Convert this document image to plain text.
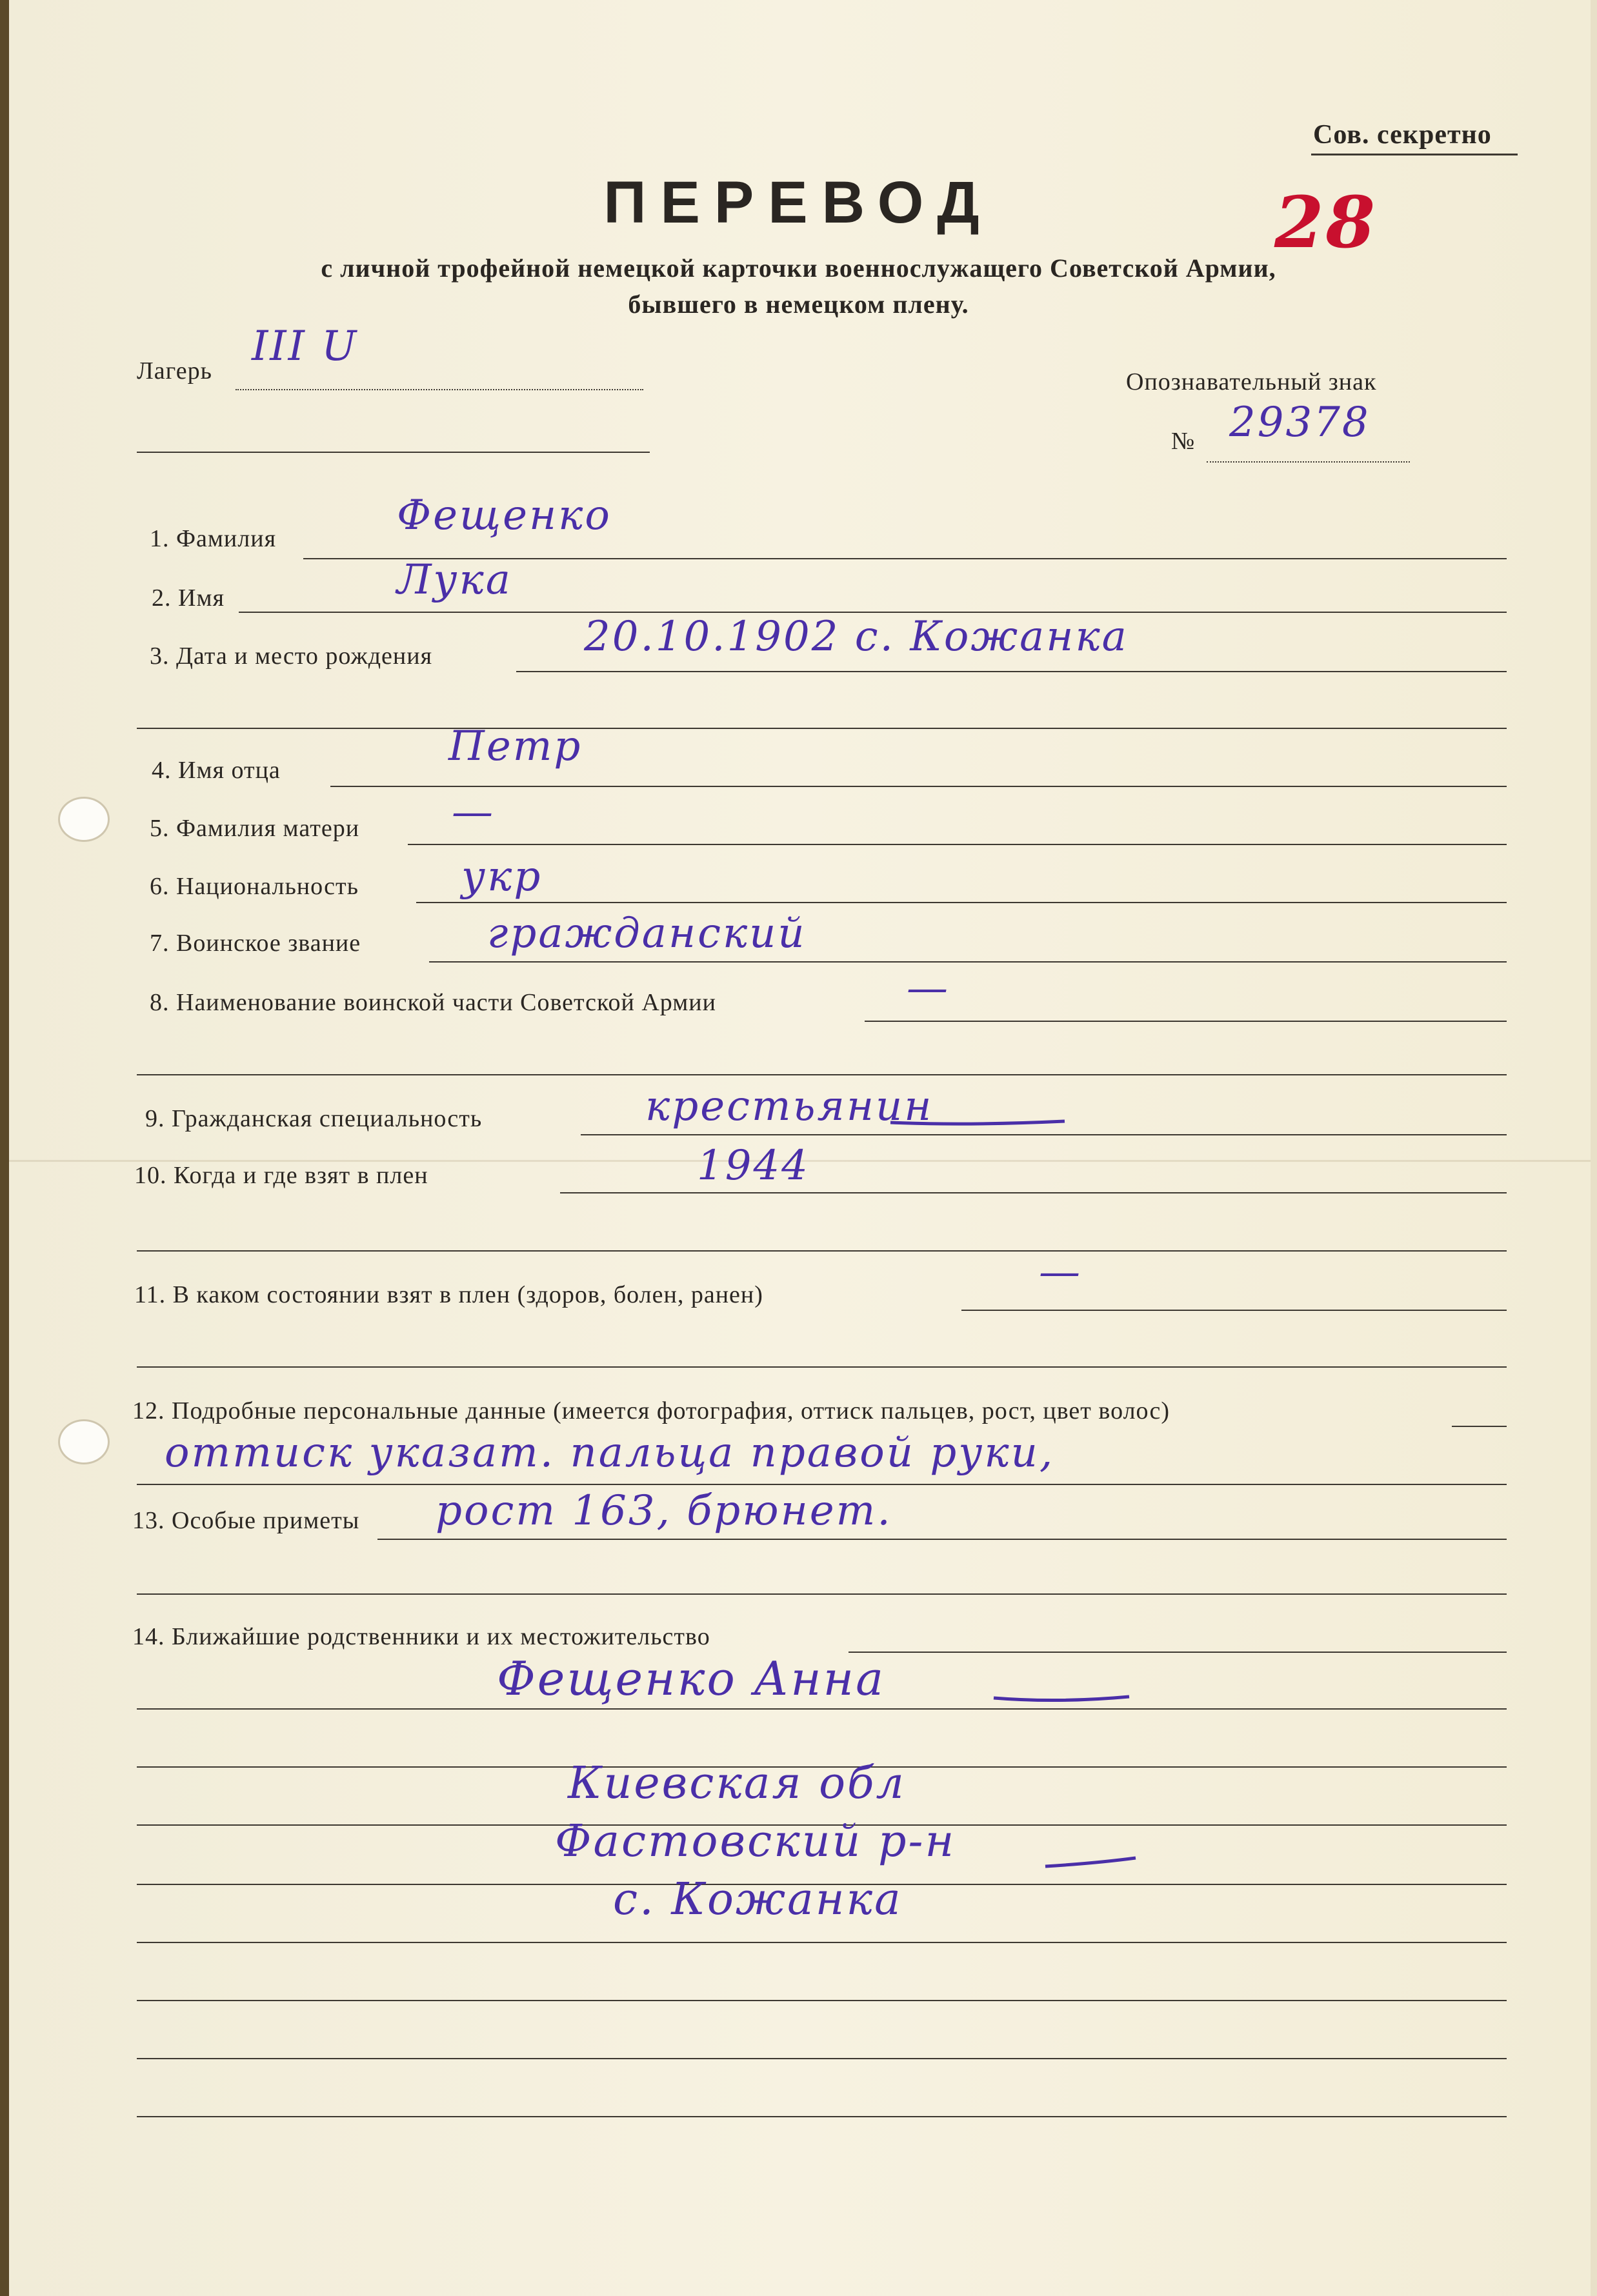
Сов. секретно
28
ПЕРЕВОД
с личной трофейной немецкой карточки военнослужащего Советской Армии,
бывшего в немецком плену.
Лагерь
III U
Опознавательный знак
№ 29378
1. Фамилия	Фещенко
2. Имя	Лука
3. Дата и место рождения	20.10.1902 с. Кожанка
4. Имя отца	Петр
5. Фамилия матери —
6. Национальность укр
7. Воинское звание	гражданский
8. Наименование воинской части Советской Армии	—
9. Гражданская специальность	крестьянин
10. Когда и где взят в плен	1944
11. В каком состоянии взят в плен (здоров, болен, ранен)	—
12. Подробные персональные данные (имеется фотография, оттиск пальцев, рост, цвет волос)
оттиск указат. пальца правой руки,
13. Особые приметы рост 163, брюнет.
14. Ближайшие родственники и их местожительство
Фещенко Анна
Киевская обл
Фастовский р-н
с. Кожанка
